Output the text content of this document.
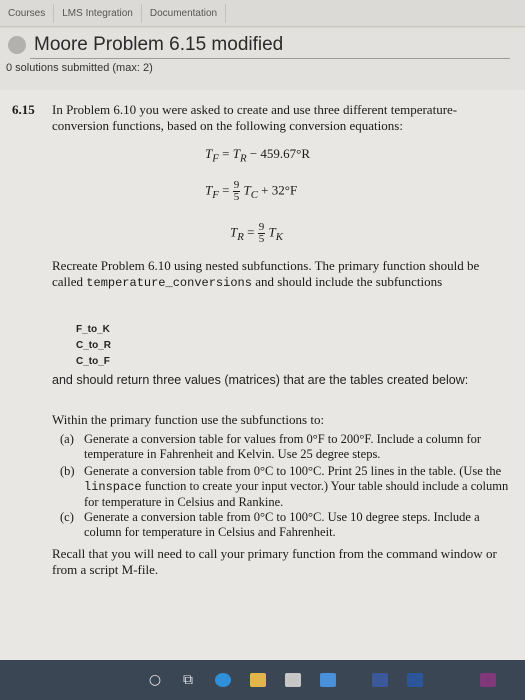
Courses	LMS Integration	Documentation
Moore Problem 6.15 modified
0 solutions submitted (max: 2)
6.15 In Problem 6.10 you were asked to create and use three different temperature-conversion functions, based on the following conversion equations:
$T_F = T_R - 459.67^\circ R$
$T_F = \frac{9}{5} T_C + 32^\circ F$
$T_R = \frac{9}{5} T_K$
Recreate Problem 6.10 using nested subfunctions. The primary function should be called temperature_conversions and should include the subfunctions
F_to_K
C_to_R
C_to_F
and should return three values (matrices) that are the tables created below:
Within the primary function use the subfunctions to:
(a) Generate a conversion table for values from 0°F to 200°F. Include a column for temperature in Fahrenheit and Kelvin. Use 25 degree steps.
(b) Generate a conversion table from 0°C to 100°C. Print 25 lines in the table. (Use the linspace function to create your input vector.) Your table should include a column for temperature in Celsius and Rankine.
(c) Generate a conversion table from 0°C to 100°C. Use 10 degree steps. Include a column for temperature in Celsius and Fahrenheit.
Recall that you will need to call your primary function from the command window or from a script M-file.
○	⧉
